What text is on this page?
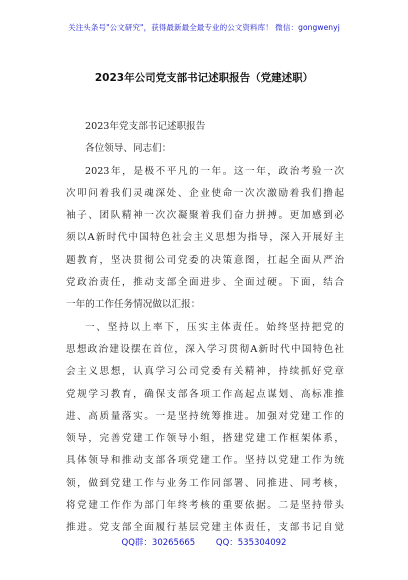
关注头条号"公文研究"，获得最新最全最专业的公文资料库！ 微信：gongwenyj
2023年公司党支部书记述职报告（党建述职）
2023年党支部书记述职报告
各位领导、同志们：
2023年，是极不平凡的一年。这一年，政治考验一次
次叩问着我们灵魂深处、企业使命一次次激励着我们撸起
袖子、团队精神一次次凝聚着我们奋力拼搏。更加感到必
须以A新时代中国特色社会主义思想为指导，深入开展好主
题教育，坚决贯彻公司党委的决策意图，扛起全面从严治
党政治责任，推动支部全面进步、全面过硬。下面，结合
一年的工作任务情况做以汇报：
一、坚持以上率下，压实主体责任。始终坚持把党的
思想政治建设摆在首位，深入学习贯彻A新时代中国特色社
会主义思想，认真学习公司党委有关精神，持续抓好党章
党规学习教育，确保支部各项工作高起点谋划、高标准推
进、高质量落实。一是坚持统筹推进。加强对党建工作的
领导，完善党建工作领导小组，搭建党建工作框架体系，
具体领导和推动支部各项党建工作。坚持以党建工作为统
领，做到党建工作与业务工作同部署、同推进、同考核，
将党建工作作为部门年终考核的重要依据。二是坚持带头
推进。党支部全面履行基层党建主体责任，支部书记自觉
QQ群：30265665 QQ：535304092
